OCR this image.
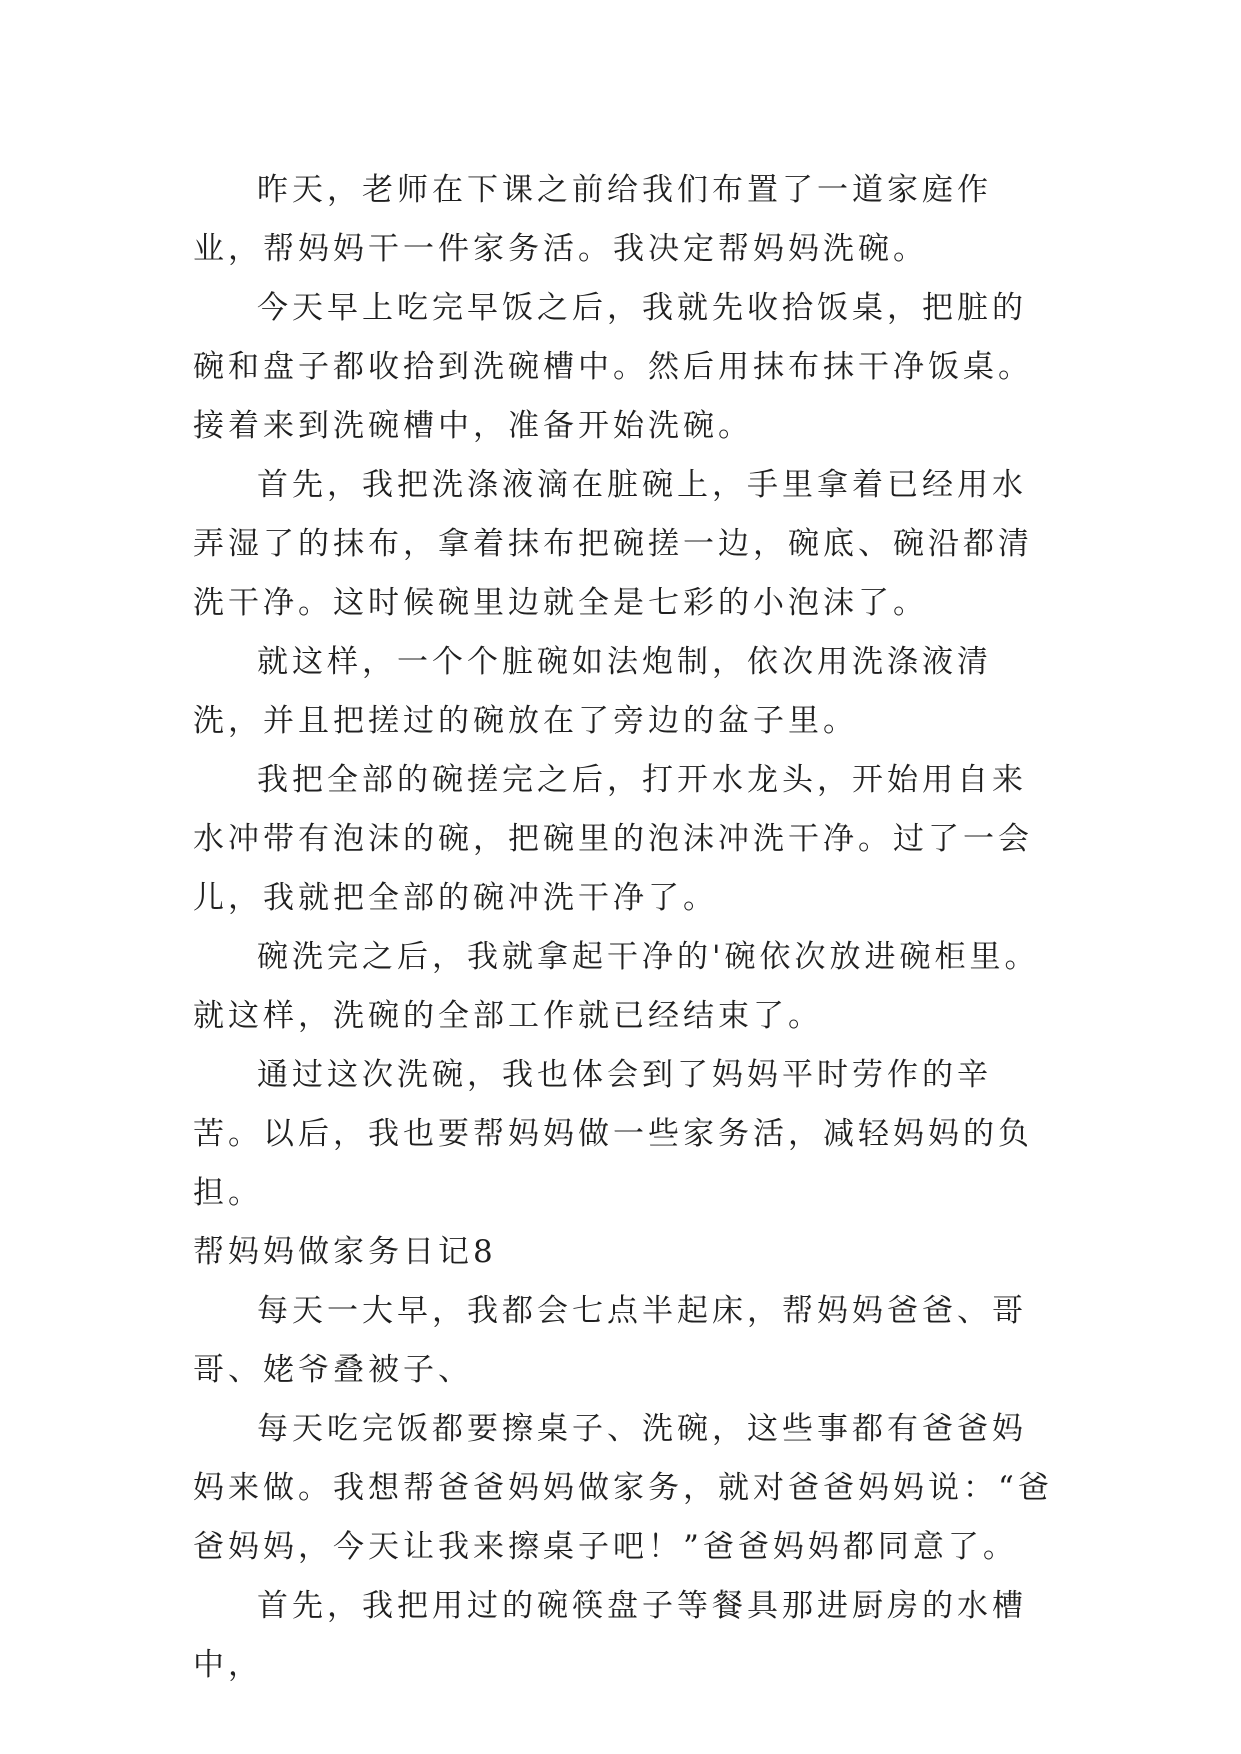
昨天，老师在下课之前给我们布置了一道家庭作业，帮妈妈干一件家务活。我决定帮妈妈洗碗。

今天早上吃完早饭之后，我就先收拾饭桌，把脏的碗和盘子都收拾到洗碗槽中。然后用抹布抹干净饭桌。接着来到洗碗槽中，准备开始洗碗。

首先，我把洗涤液滴在脏碗上，手里拿着已经用水弄湿了的抹布，拿着抹布把碗搓一边，碗底、碗沿都清洗干净。这时候碗里边就全是七彩的小泡沫了。

就这样，一个个脏碗如法炮制，依次用洗涤液清洗，并且把搓过的碗放在了旁边的盆子里。

我把全部的碗搓完之后，打开水龙头，开始用自来水冲带有泡沫的碗，把碗里的泡沫冲洗干净。过了一会儿，我就把全部的碗冲洗干净了。

碗洗完之后，我就拿起干净的'碗依次放进碗柜里。就这样，洗碗的全部工作就已经结束了。

通过这次洗碗，我也体会到了妈妈平时劳作的辛苦。以后，我也要帮妈妈做一些家务活，减轻妈妈的负担。

帮妈妈做家务日记8

每天一大早，我都会七点半起床，帮妈妈爸爸、哥哥、姥爷叠被子、

每天吃完饭都要擦桌子、洗碗，这些事都有爸爸妈妈来做。我想帮爸爸妈妈做家务，就对爸爸妈妈说：“爸爸妈妈，今天让我来擦桌子吧！”爸爸妈妈都同意了。

首先，我把用过的碗筷盘子等餐具那进厨房的水槽中，
